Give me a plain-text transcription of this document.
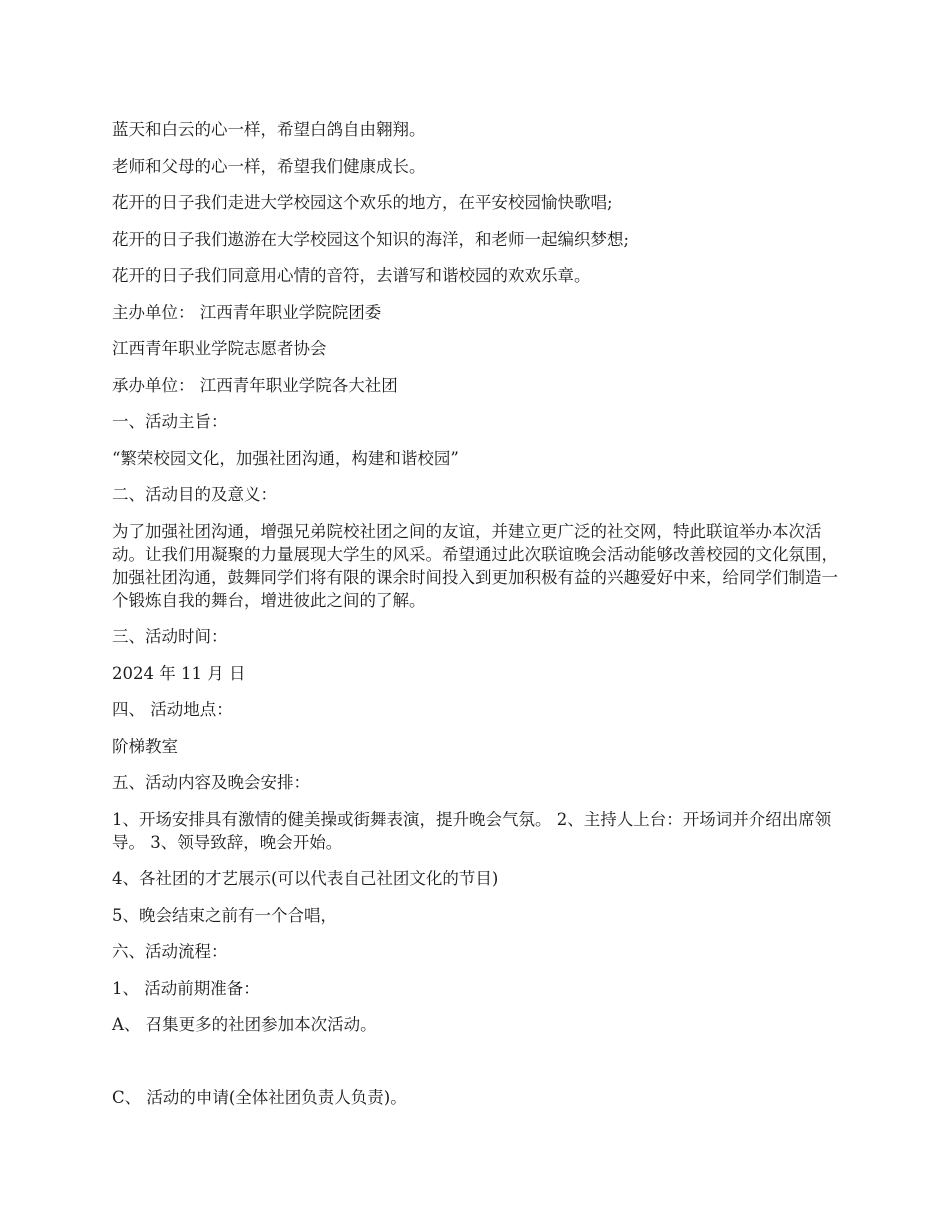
蓝天和白云的心一样，希望白鸽自由翱翔。

老师和父母的心一样，希望我们健康成长。

花开的日子我们走进大学校园这个欢乐的地方，在平安校园愉快歌唱;

花开的日子我们遨游在大学校园这个知识的海洋，和老师一起编织梦想;

花开的日子我们同意用心情的音符，去谱写和谐校园的欢欢乐章。

主办单位： 江西青年职业学院院团委

江西青年职业学院志愿者协会

承办单位： 江西青年职业学院各大社团

一、活动主旨：

“繁荣校园文化，加强社团沟通，构建和谐校园”

二、活动目的及意义：

为了加强社团沟通，增强兄弟院校社团之间的友谊，并建立更广泛的社交网，特此联谊举办本次活动。让我们用凝聚的力量展现大学生的风采。希望通过此次联谊晚会活动能够改善校园的文化氛围，加强社团沟通，鼓舞同学们将有限的课余时间投入到更加积极有益的兴趣爱好中来，给同学们制造一个锻炼自我的舞台，增进彼此之间的了解。

三、活动时间：

2024 年 11 月 日

四、 活动地点：

阶梯教室

五、活动内容及晚会安排：

1、开场安排具有激情的健美操或街舞表演，提升晚会气氛。 2、主持人上台：开场词并介绍出席领导。 3、领导致辞，晚会开始。

4、各社团的才艺展示(可以代表自己社团文化的节目)

5、晚会结束之前有一个合唱，

六、活动流程：

1、 活动前期准备：

A、 召集更多的社团参加本次活动。

C、 活动的申请(全体社团负责人负责)。
